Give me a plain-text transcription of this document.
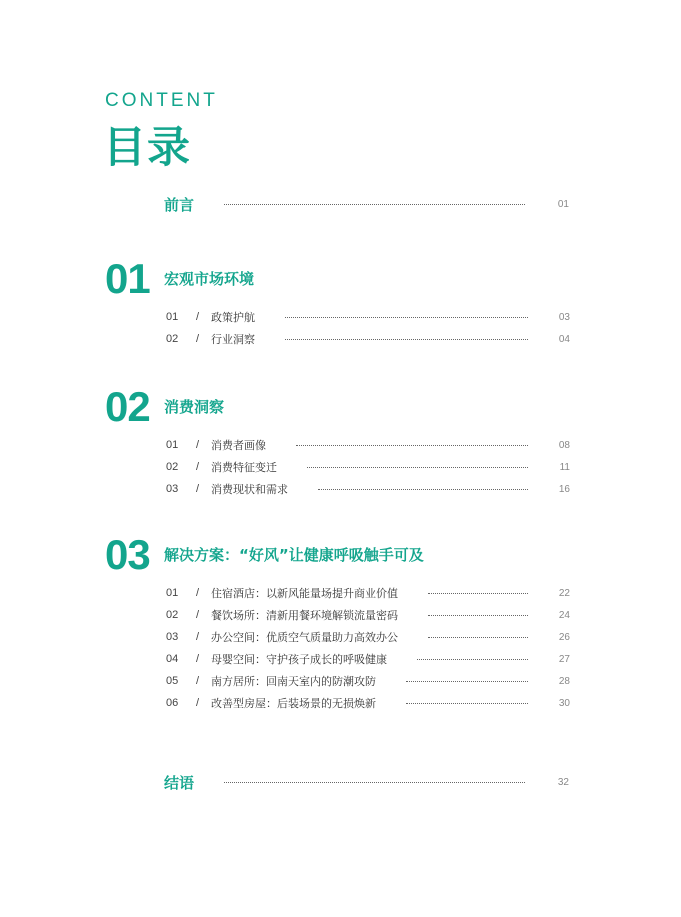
CONTENT
目录
前言	01
01 宏观市场环境
01	/	政策护航	03
02	/	行业洞察	04
02 消费洞察
01	/	消费者画像	08
02	/	消费特征变迁	11
03	/	消费现状和需求	16
03 解决方案：“好风”让健康呼吸触手可及
01	/	住宿酒店：以新风能量场提升商业价值	22
02	/	餐饮场所：清新用餐环境解锁流量密码	24
03	/	办公空间：优质空气质量助力高效办公	26
04	/	母婴空间：守护孩子成长的呼吸健康	27
05	/	南方居所：回南天室内的防潮攻防	28
06	/	改善型房屋：后装场景的无损焕新	30
结语	32
